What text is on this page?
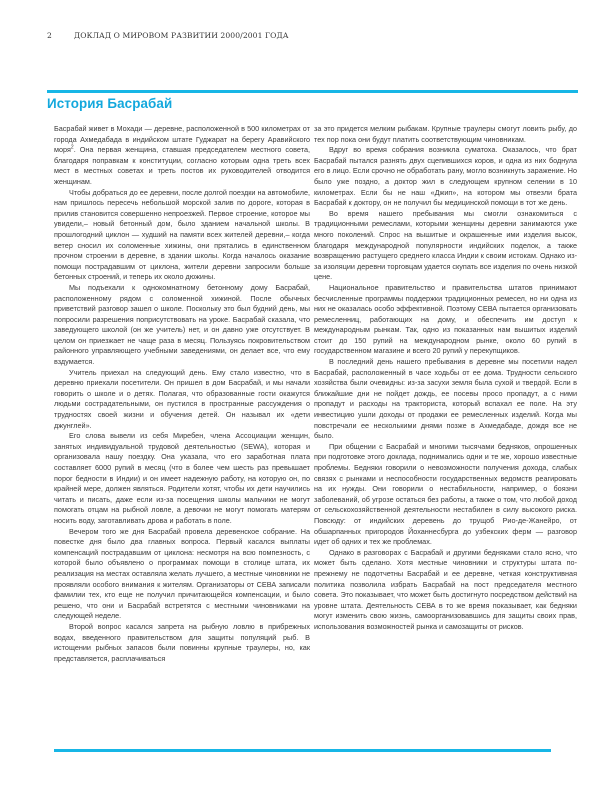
2	ДОКЛАД О МИРОВОМ РАЗВИТИИ 2000/2001 ГОДА
История Басрабай

Басрабай живет в Мохади — деревне, расположенной в 500 километрах от города Ахмедабада в индийском штате Гуджарат на берегу Аравийского моря$^2$. Она первая женщина, ставшая председателем местного совета, благодаря поправкам к конституции, согласно которым одна треть всех мест в местных советах и треть постов их руководителей отводится женщинам.

Чтобы добраться до ее деревни, после долгой поездки на автомобиле, нам пришлось пересечь небольшой морской залив по дороге, которая в прилив становится совершенно непроезжей. Первое строение, которое мы увидели,– новый бетонный дом, было зданием начальной школы. В прошлогодний циклон — худший на памяти всех жителей деревни,– когда ветер сносил их соломенные хижины, они прятались в единственном прочном строении в деревне, в здании школы. Когда началось оказание помощи пострадавшим от циклона, жители деревни запросили больше бетонных строений, и теперь их около дюжины.

Мы подъехали к однокомнатному бетонному дому Басрабай, расположенному рядом с соломенной хижиной. После обычных приветствий разговор зашел о школе. Поскольку это был будний день, мы попросили разрешения поприсутствовать на уроке. Басрабай сказала, что заведующего школой (он же учитель) нет, и он давно уже отсутствует. В целом он приезжает не чаще раза в месяц. Пользуясь покровительством районного управляющего учебными заведениями, он делает все, что ему вздумается.

Учитель приехал на следующий день. Ему стало известно, что в деревню приехали посетители. Он пришел в дом Басрабай, и мы начали говорить о школе и о детях. Полагая, что образованные гости окажутся людьми сострадательными, он пустился в пространные рассуждения о трудностях своей жизни и обучения детей. Он называл их «дети джунглей».

Его слова вывели из себя Миребен, члена Ассоциации женщин, занятых индивидуальной трудовой деятельностью (SEWA), которая и организовала нашу поездку. Она указала, что его заработная плата составляет 6000 рупий в месяц (что в более чем шесть раз превышает порог бедности в Индии) и он имеет надежную работу, на которую он, по крайней мере, должен являться. Родители хотят, чтобы их дети научились читать и писать, даже если из-за посещения школы мальчики не могут помогать отцам на рыбной ловле, а девочки не могут помогать матерям носить воду, заготавливать дрова и работать в поле.

Вечером того же дня Басрабай провела деревенское собрание. На повестке дня было два главных вопроса. Первый касался выплаты компенсаций пострадавшим от циклона: несмотря на всю помпезность, с которой было объявлено о программах помощи в столице штата, их реализация на местах оставляла желать лучшего, а местные чиновники не проявляли особого внимания к жителям. Организаторы от СЕВА записали фамилии тех, кто еще не получил причитающейся компенсации, и было решено, что они и Басрабай встретятся с местными чиновниками на следующей неделе.

Второй вопрос касался запрета на рыбную ловлю в прибрежных водах, введенного правительством для защиты популяций рыб. В истощении рыбных запасов были повинны крупные траулеры, но, как представляется, расплачиваться

за это придется мелким рыбакам. Крупные траулеры смогут ловить рыбу, до тех пор пока они будут платить соответствующим чиновникам.

Вдруг во время собрания возникла суматоха. Оказалось, что брат Басрабай пытался разнять двух сцепившихся коров, и одна из них боднула его в лицо. Если срочно не обработать рану, могло возникнуть заражение. Но было уже поздно, а доктор жил в следующем крупном селении в 10 километрах. Если бы не наш «Джип», на котором мы отвезли брата Басрабай к доктору, он не получил бы медицинской помощи в тот же день.

Во время нашего пребывания мы смогли ознакомиться с традиционными ремеслами, которыми женщины деревни занимаются уже много поколений. Спрос на вышитые и окрашенные ими изделия высок, благодаря международной популярности индийских поделок, а также возвращению растущего среднего класса Индии к своим истокам. Однако из-за изоляции деревни торговцам удается скупать все изделия по очень низкой цене.

Национальное правительство и правительства штатов принимают бесчисленные программы поддержки традиционных ремесел, но ни одна из них не оказалась особо эффективной. Поэтому СЕВА пытается организовать ремесленниц, работающих на дому, и обеспечить им доступ к международным рынкам. Так, одно из показанных нам вышитых изделий стоит до 150 рупий на международном рынке, около 60 рупий в государственном магазине и всего 20 рупий у перекупщиков.

В последний день нашего пребывания в деревне мы посетили надел Басрабай, расположенный в часе ходьбы от ее дома. Трудности сельского хозяйства были очевидны: из-за засухи земля была сухой и твердой. Если в ближайшие дни не пойдет дождь, ее посевы просо пропадут, а с ними пропадут и расходы на тракториста, который вспахал ее поле. На эту инвестицию ушли доходы от продажи ее ремесленных изделий. Когда мы повстречали ее несколькими днями позже в Ахмедабаде, дождя все не было.

При общении с Басрабай и многими тысячами бедняков, опрошенных при подготовке этого доклада, поднимались одни и те же, хорошо известные проблемы. Бедняки говорили о невозможности получения дохода, слабых связях с рынками и неспособности государственных ведомств реагировать на их нужды. Они говорили о нестабильности, например, о боязни заболеваний, об угрозе остаться без работы, а также о том, что любой доход от сельскохозяйственной деятельности нестабилен в силу высокого риска. Повсюду: от индийских деревень до трущоб Рио-де-Жанейро, от обшарпанных пригородов Йоханнесбурга до узбекских ферм — разговор идет об одних и тех же проблемах.

Однако в разговорах с Басрабай и другими бедняками стало ясно, что может быть сделано. Хотя местные чиновники и структуры штата по-прежнему не подотчетны Басрабай и ее деревне, четкая конструктивная политика позволила избрать Басрабай на пост председателя местного совета. Это показывает, что может быть достигнуто посредством действий на уровне штата. Деятельность СЕВА в то же время показывает, как бедняки могут изменить свою жизнь, самоорганизовавшись для защиты своих прав, использования возможностей рынка и самозащиты от рисков.
